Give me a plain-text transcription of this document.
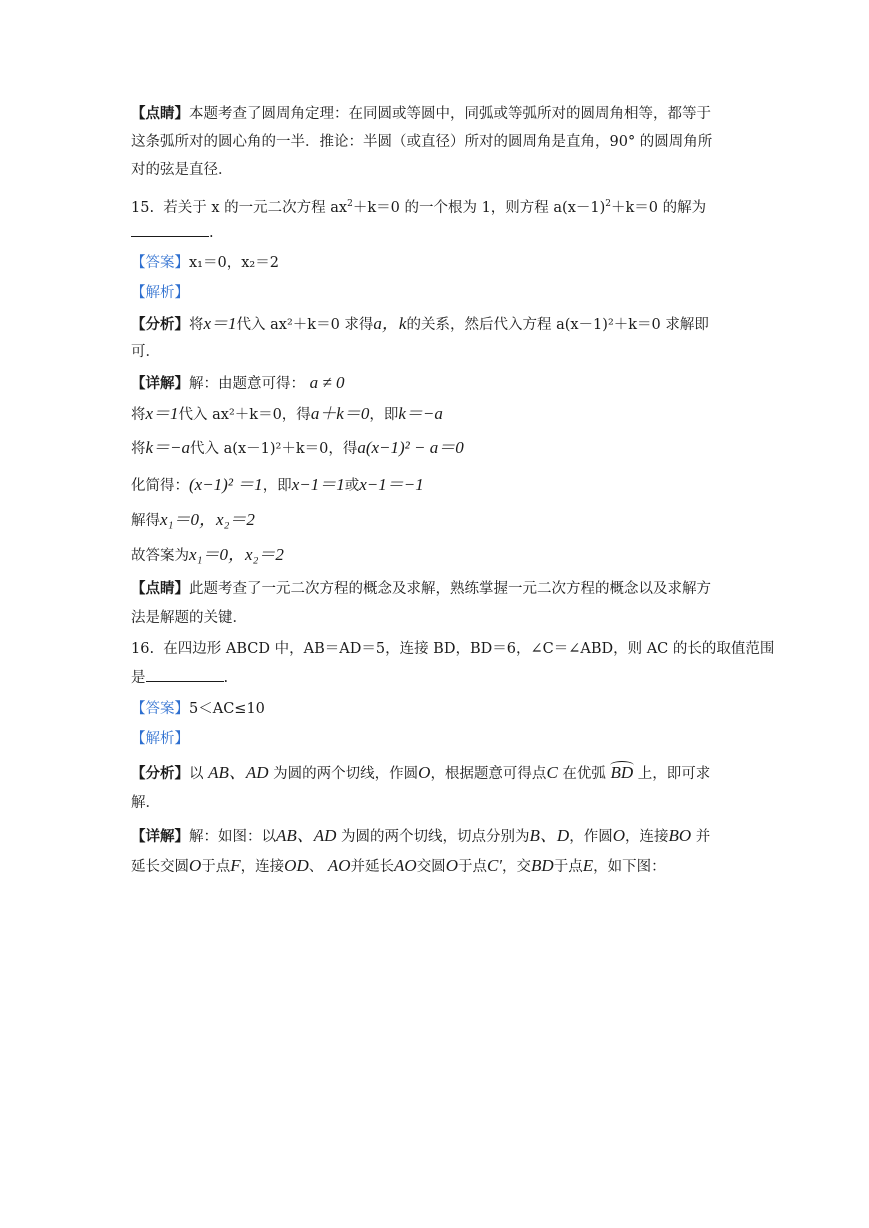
【点睛】本题考查了圆周角定理：在同圆或等圆中，同弧或等弧所对的圆周角相等，都等于
这条弧所对的圆心角的一半．推论：半圆（或直径）所对的圆周角是直角，90° 的圆周角所
对的弦是直径．
15. 若关于 x 的一元二次方程 $ax^2+k=0$ 的一个根为 1，则方程 $a(x-1)^2+k=0$ 的解为
.
【答案】x₁＝0，x₂＝2
【解析】
【分析】将x＝1代入 ax²＋k＝0 求得a，k的关系，然后代入方程 a(x－1)²＋k＝0 求解即
可．
【详解】解：由题意可得： a ≠ 0
将x＝1代入 ax²＋k＝0，得a＋k＝0，即k＝−a
将k＝−a代入 a(x－1)²＋k＝0，得a(x−1)² − a＝0
化简得：(x−1)² ＝1，即x−1＝1或x−1＝−1
解得x₁＝0，x₂＝2
故答案为x₁＝0，x₂＝2
【点睛】此题考查了一元二次方程的概念及求解，熟练掌握一元二次方程的概念以及求解方
法是解题的关键．
16. 在四边形 ABCD 中，AB＝AD＝5，连接 BD，BD＝6，∠C＝∠ABD，则 AC 的长的取值范围
是	.
【答案】5＜AC≤10
【解析】
【分析】以 AB、AD 为圆的两个切线，作圆O，根据题意可得点C 在优弧 BD 上，即可求
解．
【详解】解：如图：以AB、AD 为圆的两个切线，切点分别为B、D，作圆O，连接BO 并
延长交圆O于点F，连接OD、 AO并延长AO交圆O于点C′，交BD于点E，如下图：
